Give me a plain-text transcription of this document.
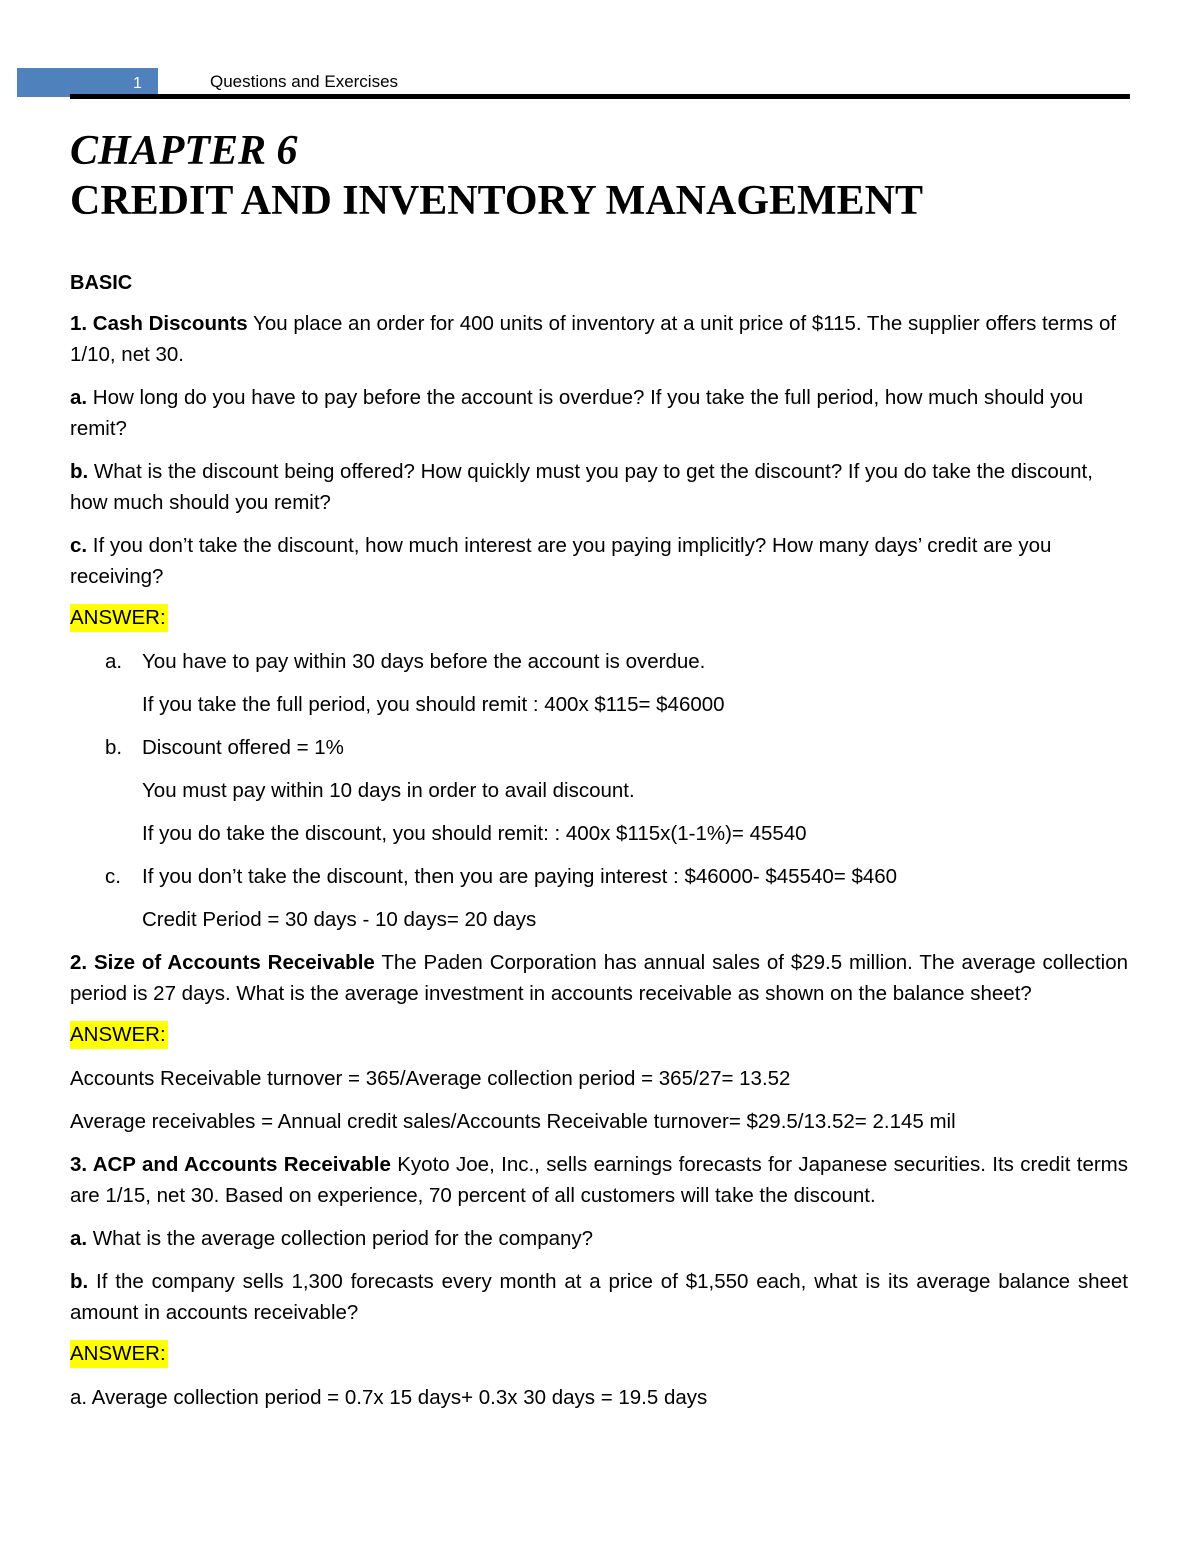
1	Questions and Exercises
CHAPTER 6
CREDIT AND INVENTORY MANAGEMENT
BASIC

1. Cash Discounts You place an order for 400 units of inventory at a unit price of $115. The supplier offers terms of 1/10, net 30.

a. How long do you have to pay before the account is overdue? If you take the full period, how much should you remit?

b. What is the discount being offered? How quickly must you pay to get the discount? If you do take the discount, how much should you remit?

c. If you don’t take the discount, how much interest are you paying implicitly? How many days’ credit are you receiving?

ANSWER:
a. You have to pay within 30 days before the account is overdue.
If you take the full period, you should remit : 400x $115= $46000
b. Discount offered = 1%
You must pay within 10 days in order to avail discount.
If you do take the discount, you should remit: : 400x $115x(1-1%)= 45540
c. If you don’t take the discount, then you are paying interest : $46000- $45540= $460
Credit Period = 30 days - 10 days= 20 days

2. Size of Accounts Receivable The Paden Corporation has annual sales of $29.5 million. The average collection period is 27 days. What is the average investment in accounts receivable as shown on the balance sheet?

ANSWER:

Accounts Receivable turnover = 365/Average collection period = 365/27= 13.52

Average receivables = Annual credit sales/Accounts Receivable turnover= $29.5/13.52= 2.145 mil

3. ACP and Accounts Receivable Kyoto Joe, Inc., sells earnings forecasts for Japanese securities. Its credit terms are 1/15, net 30. Based on experience, 70 percent of all customers will take the discount.

a. What is the average collection period for the company?

b. If the company sells 1,300 forecasts every month at a price of $1,550 each, what is its average balance sheet amount in accounts receivable?

ANSWER:

a. Average collection period = 0.7x 15 days+ 0.3x 30 days = 19.5 days
